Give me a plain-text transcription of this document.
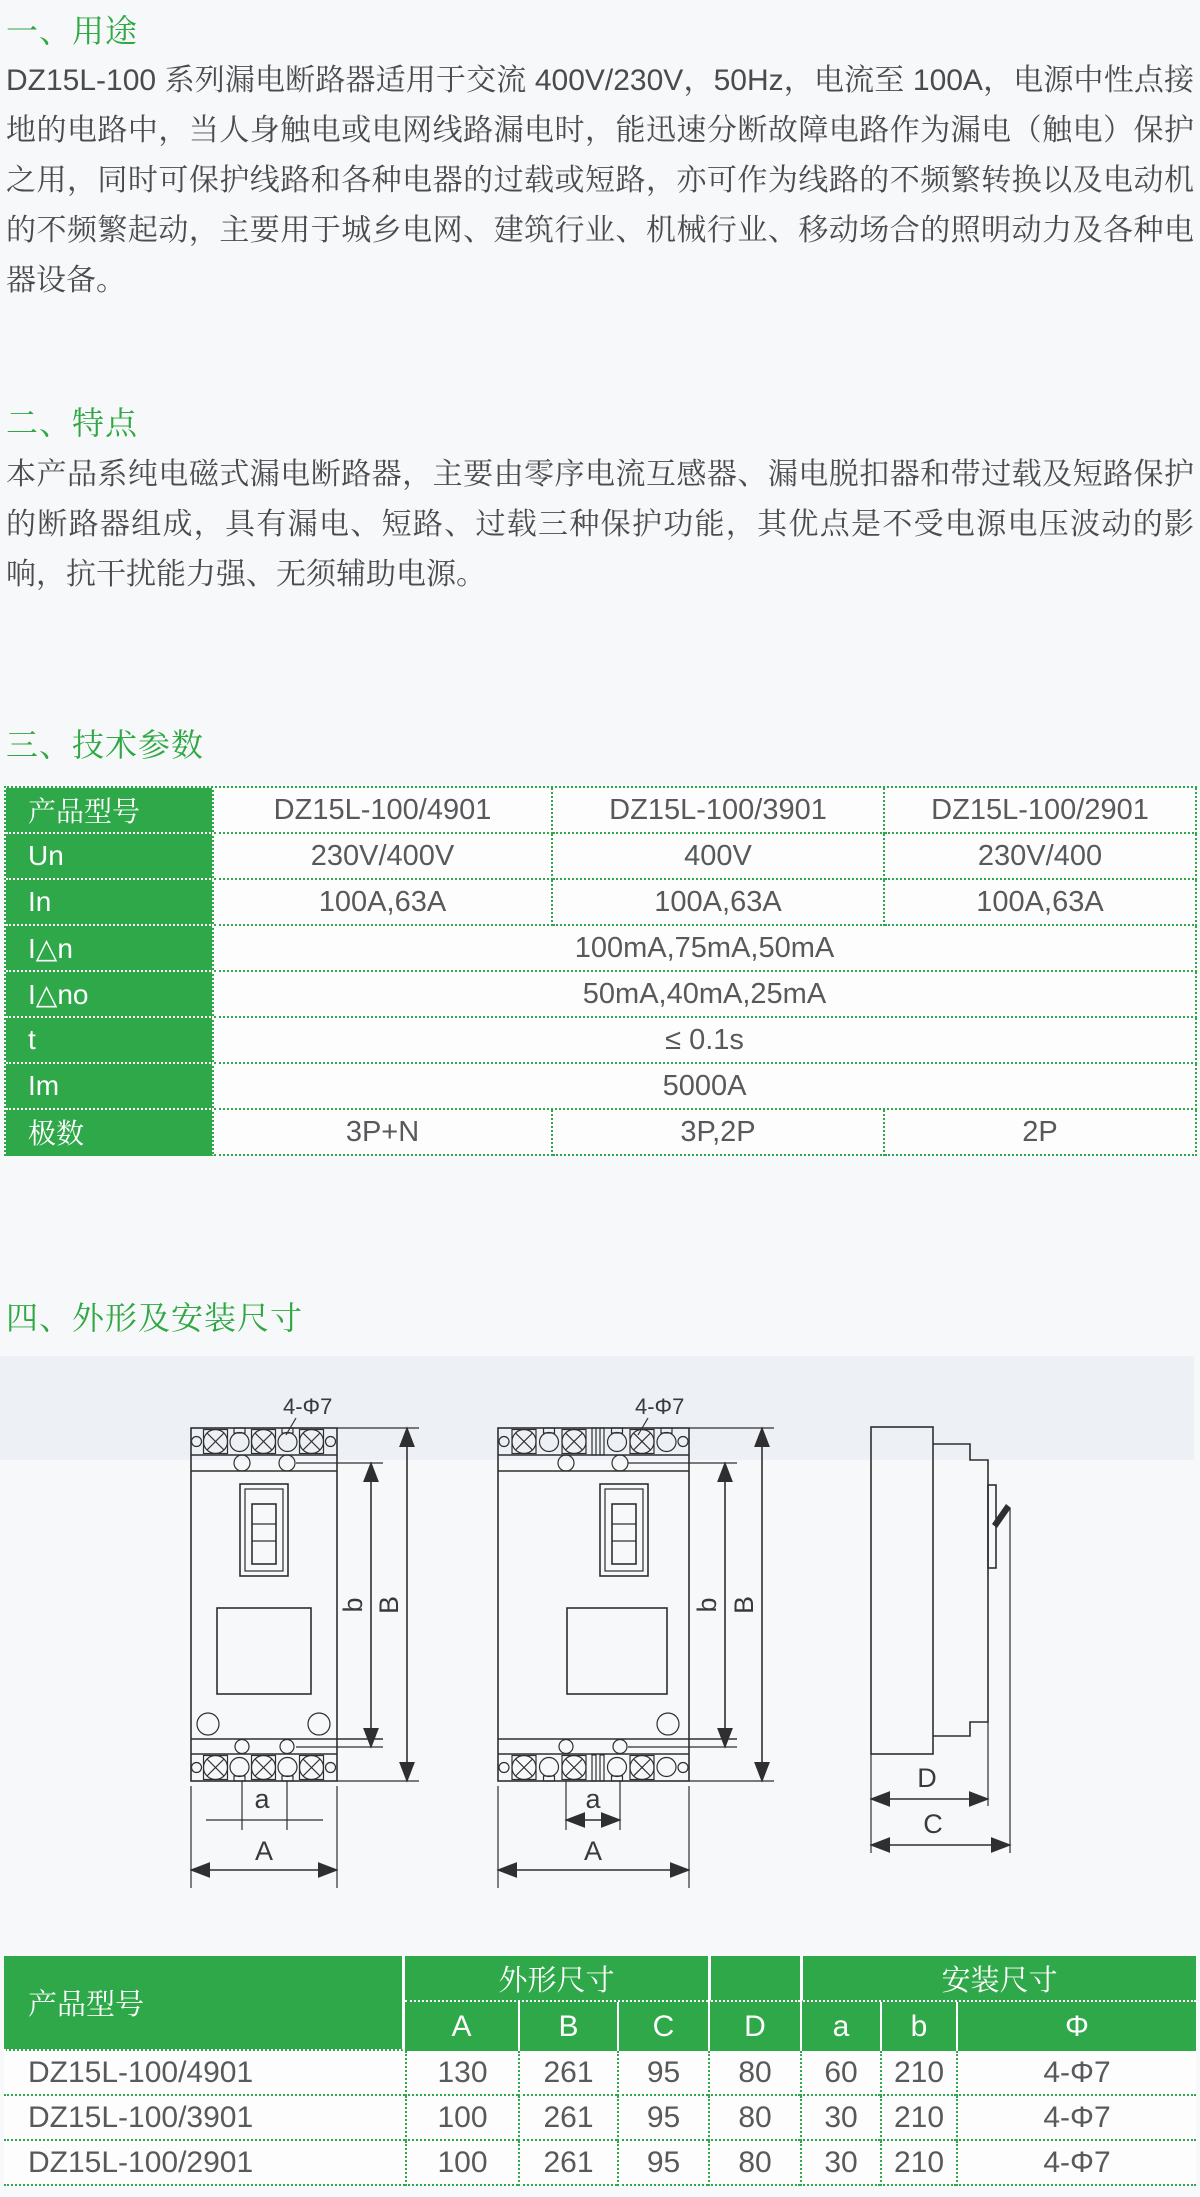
一、用途

DZ15L-100 系列漏电断路器适用于交流 400V/230V，50Hz，电流至 100A，电源中性点接地的电路中，当人身触电或电网线路漏电时，能迅速分断故障电路作为漏电（触电）保护之用，同时可保护线路和各种电器的过载或短路，亦可作为线路的不频繁转换以及电动机的不频繁起动，主要用于城乡电网、建筑行业、机械行业、移动场合的照明动力及各种电器设备。

二、特点

本产品系纯电磁式漏电断路器，主要由零序电流互感器、漏电脱扣器和带过载及短路保护的断路器组成，具有漏电、短路、过载三种保护功能，其优点是不受电源电压波动的影响，抗干扰能力强、无须辅助电源。

三、技术参数
产品型号	DZ15L-100/4901	DZ15L-100/3901	DZ15L-100/2901
Un	230V/400V	400V	230V/400
In	100A,63A	100A,63A	100A,63A
I△n	100mA,75mA,50mA		
I△no	50mA,40mA,25mA		
t	≤ 0.1s		
Im	5000A		
极数	3P+N	3P,2P	2P
四、外形及安装尺寸
4-Φ7
b B
a
A
4-Φ7
b B
a
A
D
C
产品型号	外形尺寸				安装尺寸		
	A	B	C	D	a	b	Φ
DZ15L-100/4901	130	261	95	80	60	210	4-Φ7
DZ15L-100/3901	100	261	95	80	30	210	4-Φ7
DZ15L-100/2901	100	261	95	80	30	210	4-Φ7
